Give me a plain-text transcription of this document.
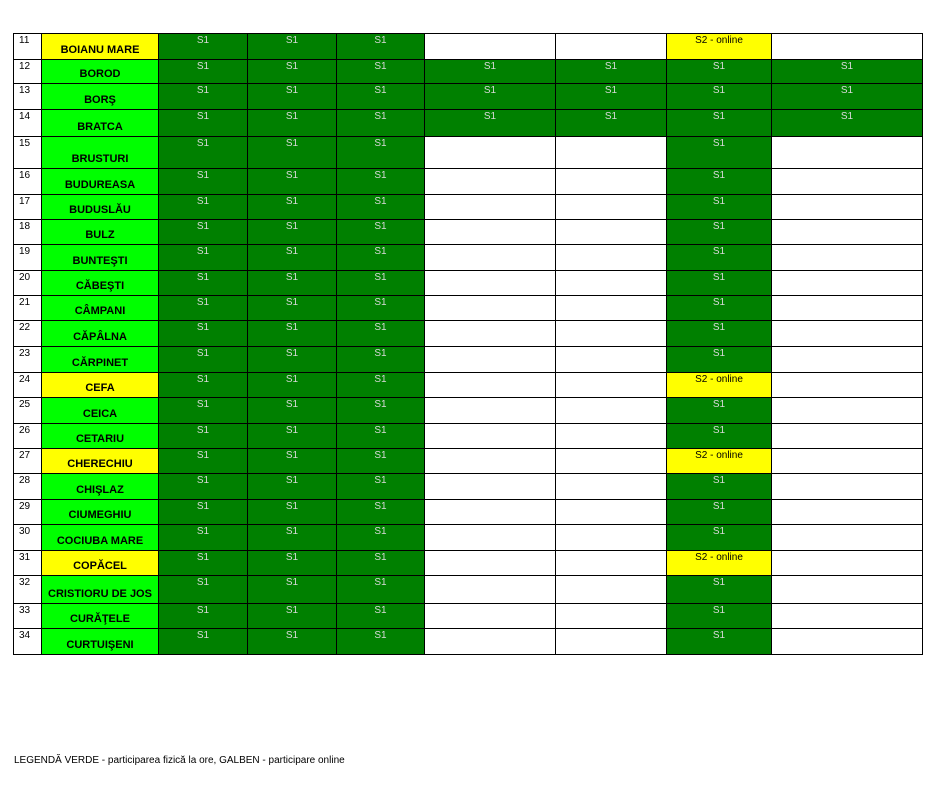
11	BOIANU MARE	S1	S1	S1			S2 - online	
12	BOROD	S1	S1	S1	S1	S1	S1	S1
13	BORŞ	S1	S1	S1	S1	S1	S1	S1
14	BRATCA	S1	S1	S1	S1	S1	S1	S1
15	BRUSTURI	S1	S1	S1			S1	
16	BUDUREASA	S1	S1	S1			S1	
17	BUDUSLĂU	S1	S1	S1			S1	
18	BULZ	S1	S1	S1			S1	
19	BUNTEŞTI	S1	S1	S1			S1	
20	CĂBEŞTI	S1	S1	S1			S1	
21	CÂMPANI	S1	S1	S1			S1	
22	CĂPÂLNA	S1	S1	S1			S1	
23	CĂRPINET	S1	S1	S1			S1	
24	CEFA	S1	S1	S1			S2 - online	
25	CEICA	S1	S1	S1			S1	
26	CETARIU	S1	S1	S1			S1	
27	CHERECHIU	S1	S1	S1			S2 - online	
28	CHIŞLAZ	S1	S1	S1			S1	
29	CIUMEGHIU	S1	S1	S1			S1	
30	COCIUBA MARE	S1	S1	S1			S1	
31	COPĂCEL	S1	S1	S1			S2 - online	
32	CRISTIORU DE JOS	S1	S1	S1			S1	
33	CURĂŢELE	S1	S1	S1			S1	
34	CURTUIŞENI	S1	S1	S1			S1	
LEGENDĂ VERDE - participarea fizică la ore, GALBEN - participare online
